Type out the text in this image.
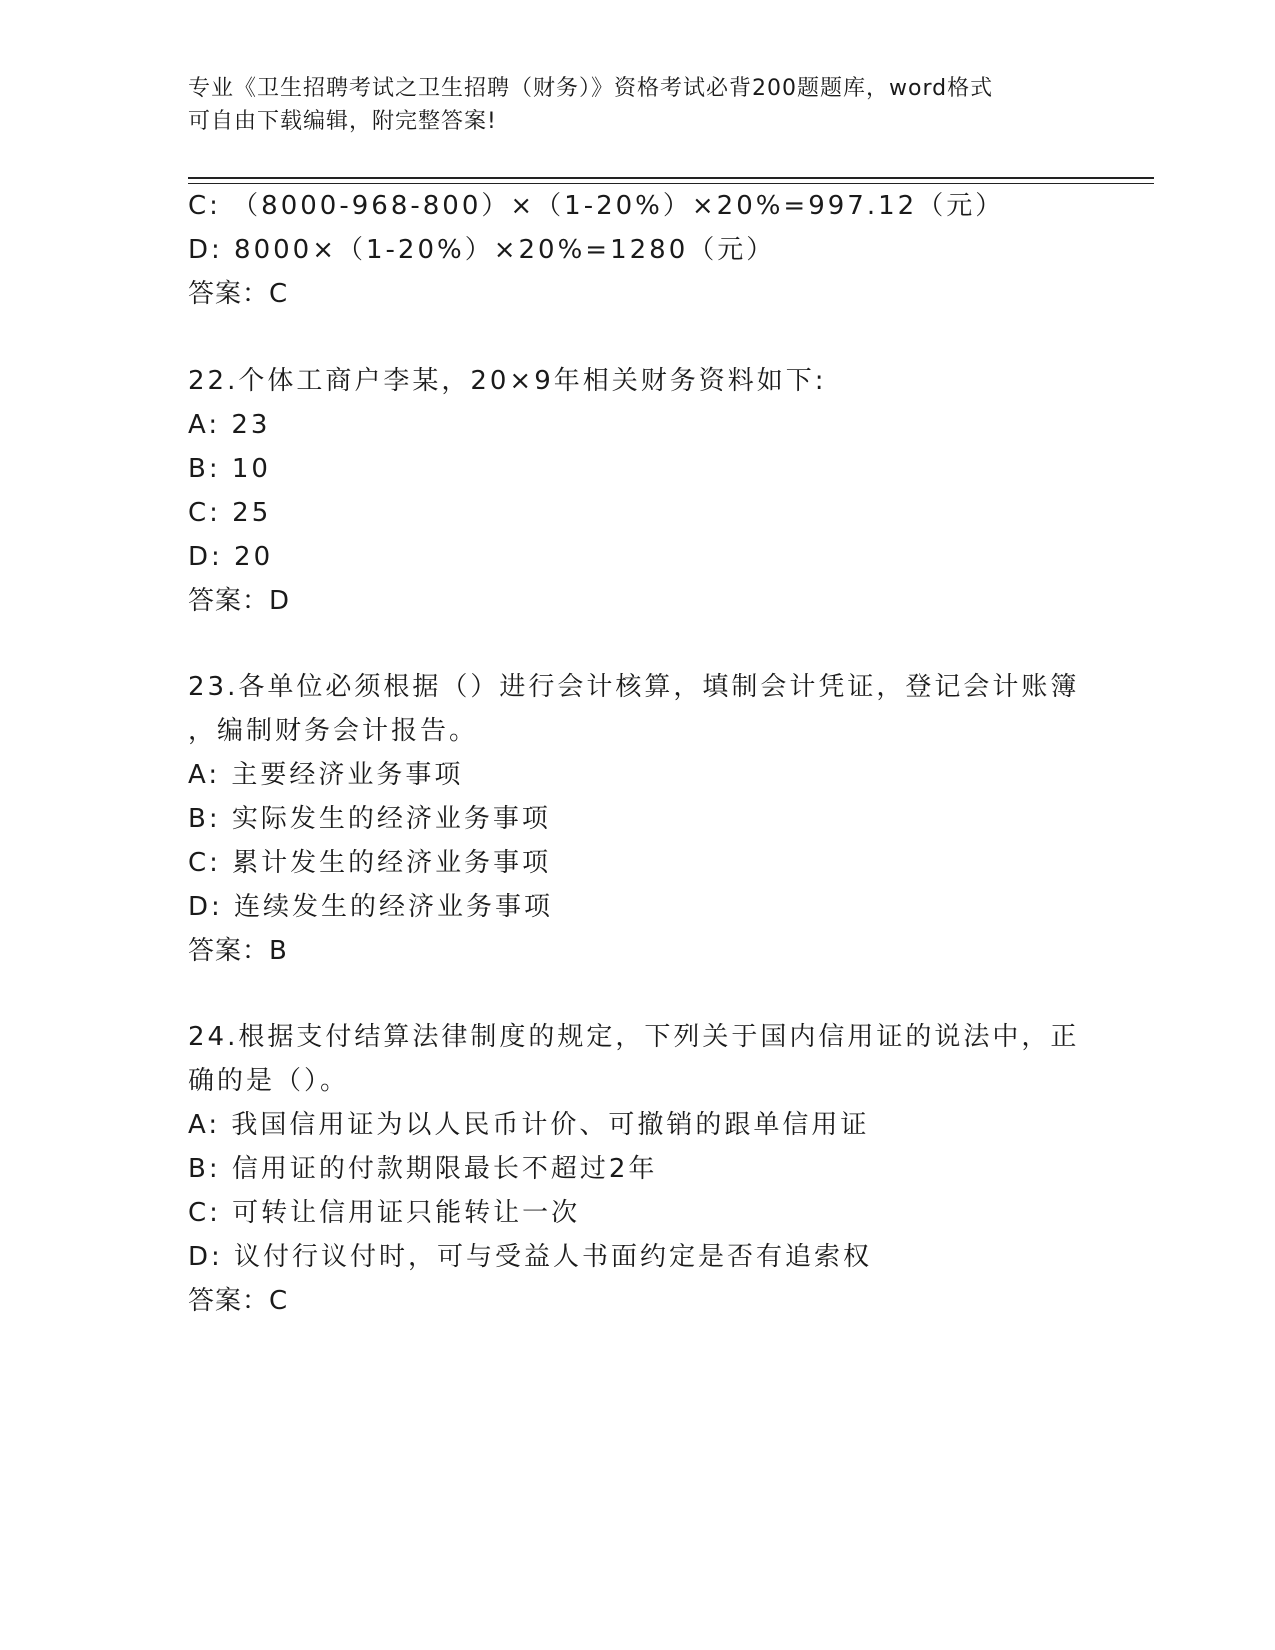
专业《卫生招聘考试之卫生招聘（财务）》资格考试必背200题题库，word格式

可自由下载编辑，附完整答案!

C: （8000-968-800）×（1-20%）×20%=997.12（元）
D: 8000×（1-20%）×20%=1280（元）
答案：C
22.个体工商户李某，20×9年相关财务资料如下:
A: 23
B: 10
C: 25
D: 20
答案：D
23.各单位必须根据（）进行会计核算，填制会计凭证，登记会计账簿
，编制财务会计报告。
A: 主要经济业务事项
B: 实际发生的经济业务事项
C: 累计发生的经济业务事项
D: 连续发生的经济业务事项
答案：B
24.根据支付结算法律制度的规定，下列关于国内信用证的说法中，正
确的是（）。
A: 我国信用证为以人民币计价、可撤销的跟单信用证
B: 信用证的付款期限最长不超过2年
C: 可转让信用证只能转让一次
D: 议付行议付时，可与受益人书面约定是否有追索权
答案：C
